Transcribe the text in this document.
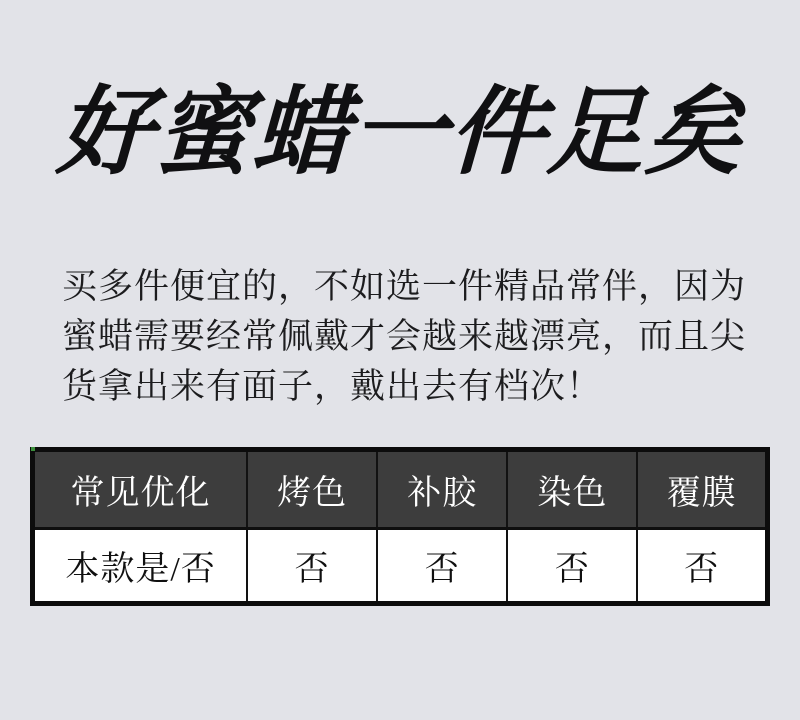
好蜜蜡一件足矣
买多件便宜的，不如选一件精品常伴，因为
蜜蜡需要经常佩戴才会越来越漂亮，而且尖
货拿出来有面子，戴出去有档次！
常见优化	烤色	补胶	染色	覆膜
本款是/否	否	否	否	否
